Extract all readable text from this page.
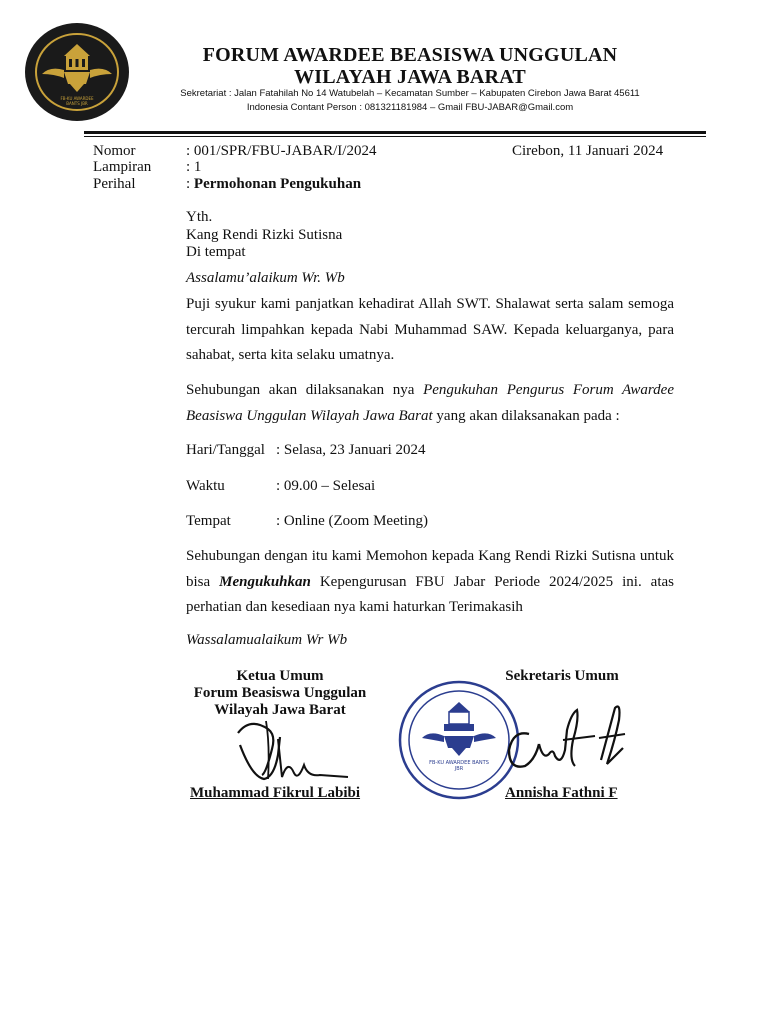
FB-KU AWARDEE BANTS JBR
FORUM AWARDEE BEASISWA UNGGULAN
WILAYAH JAWA BARAT
Sekretariat : Jalan Fatahilah No 14 Watubelah – Kecamatan Sumber – Kabupaten Cirebon Jawa Barat 45611
Indonesia Contant Person : 081321181984 – Gmail FBU-JABAR@Gmail.com
Nomor	: 001/SPR/FBU-JABAR/I/2024
Lampiran : 1
Perihal	: Permohonan Pengukuhan
Cirebon, 11 Januari 2024
Yth.
Kang Rendi Rizki Sutisna
Di tempat
Assalamu’alaikum Wr. Wb
Puji syukur kami panjatkan kehadirat Allah SWT. Shalawat serta salam semoga tercurah limpahkan kepada Nabi Muhammad SAW. Kepada keluarganya, para sahabat, serta kita selaku umatnya.
Sehubungan akan dilaksanakan nya Pengukuhan Pengurus Forum Awardee Beasiswa Unggulan Wilayah Jawa Barat yang akan dilaksanakan pada :
Hari/Tanggal : Selasa, 23 Januari 2024
Waktu	: 09.00 – Selesai
Tempat	: Online (Zoom Meeting)
Sehubungan dengan itu kami Memohon kepada Kang Rendi Rizki Sutisna untuk bisa Mengukuhkan Kepengurusan FBU Jabar Periode 2024/2025 ini. atas perhatian dan kesediaan nya kami haturkan Terimakasih
Wassalamualaikum Wr Wb
Ketua Umum
Forum Beasiswa Unggulan
Wilayah Jawa Barat
Muhammad Fikrul Labibi
Sekretaris Umum
FB-KU AWARDEE BANTS JBR
Annisha Fathni F
